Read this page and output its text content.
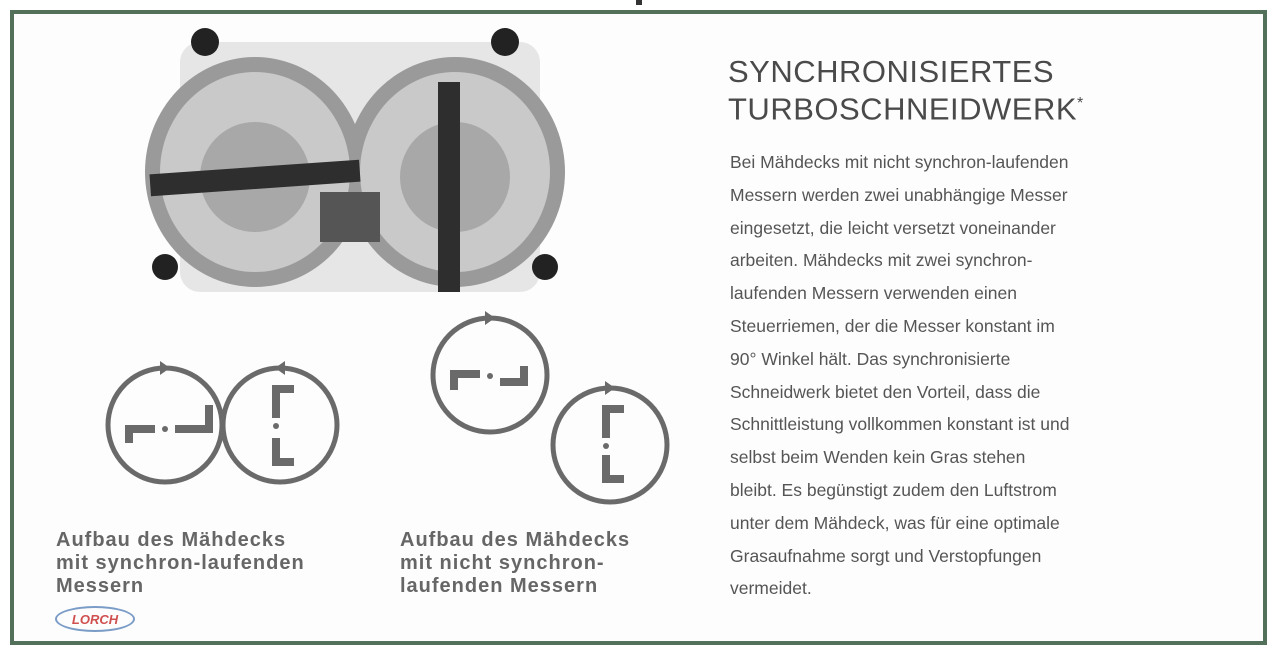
Aufbau des Mähdecks
mit synchron-laufenden
Messern
LORCH
Aufbau des Mähdecks
mit nicht synchron-
laufenden Messern
SYNCHRONISIERTES
TURBOSCHNEIDWERK*
Bei Mähdecks mit nicht synchron-laufenden
Messern werden zwei unabhängige Messer
eingesetzt, die leicht versetzt voneinander
arbeiten. Mähdecks mit zwei synchron-
laufenden Messern verwenden einen
Steuerriemen, der die Messer konstant im
90° Winkel hält. Das synchronisierte
Schneidwerk bietet den Vorteil, dass die
Schnittleistung vollkommen konstant ist und
selbst beim Wenden kein Gras stehen
bleibt. Es begünstigt zudem den Luftstrom
unter dem Mähdeck, was für eine optimale
Grasaufnahme sorgt und Verstopfungen
vermeidet.
